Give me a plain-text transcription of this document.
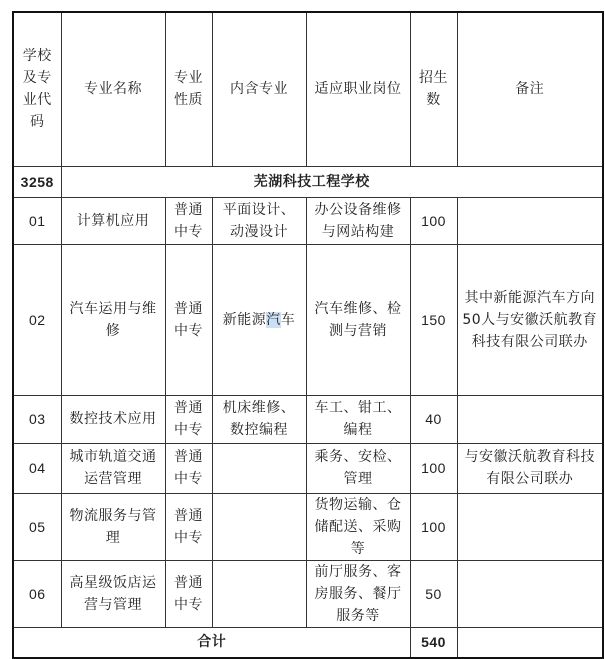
学校及专业代码	专业名称	专业性质	内含专业	适应职业岗位	招生数	备注
3258	芜湖科技工程学校					
01	计算机应用	普通中专	平面设计、动漫设计	办公设备维修与网站构建	100	
02	汽车运用与维修	普通中专	新能源汽车	汽车维修、检测与营销	150	其中新能源汽车方向50人与安徽沃航教育科技有限公司联办
03	数控技术应用	普通中专	机床维修、数控编程	车工、钳工、编程	40	
04	城市轨道交通运营管理	普通中专		乘务、安检、管理	100	与安徽沃航教育科技有限公司联办
05	物流服务与管理	普通中专		货物运输、仓储配送、采购等	100	
06	高星级饭店运营与管理	普通中专		前厅服务、客房服务、餐厅服务等	50	
合计					540	
